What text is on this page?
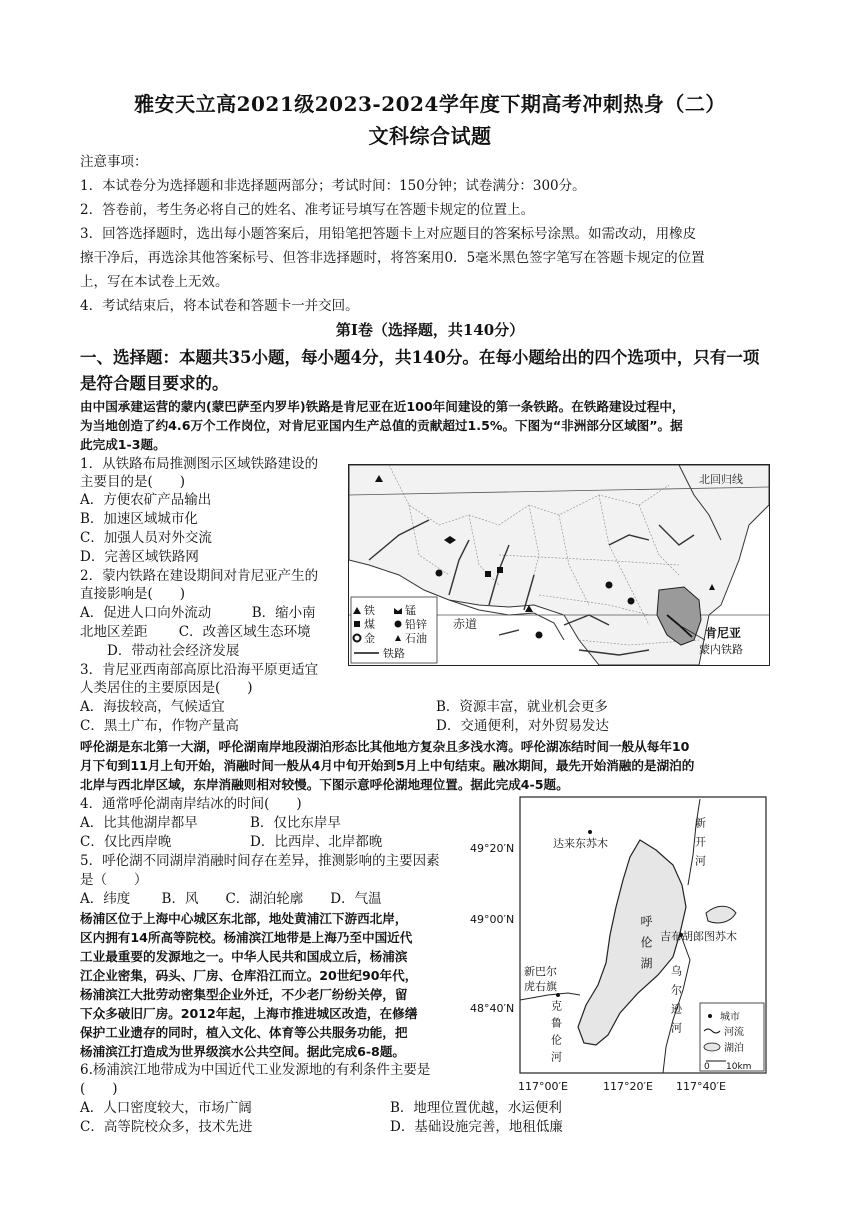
雅安天立高2021级2023-2024学年度下期高考冲刺热身（二）
文科综合试题
注意事项：
1．本试卷分为选择题和非选择题两部分；考试时间：150分钟；试卷满分：300分。
2．答卷前，考生务必将自己的姓名、准考证号填写在答题卡规定的位置上。
3．回答选择题时，选出每小题答案后，用铅笔把答题卡上对应题目的答案标号涂黑。如需改动，用橡皮
擦干净后，再选涂其他答案标号、但答非选择题时，将答案用0．5毫米黑色签字笔写在答题卡规定的位置
上，写在本试卷上无效。
4．考试结束后，将本试卷和答题卡一并交回。
第Ⅰ卷（选择题，共140分）
一、选择题：本题共35小题，每小题4分，共140分。在每小题给出的四个选项中，只有一项
是符合题目要求的。
由中国承建运营的蒙内(蒙巴萨至内罗毕)铁路是肯尼亚在近100年间建设的第一条铁路。在铁路建设过程中，
为当地创造了约4.6万个工作岗位，对肯尼亚国内生产总值的贡献超过1.5%。下图为“非洲部分区域图”。据
此完成1-3题。
1．从铁路布局推测图示区域铁路建设的
主要目的是(　　)
A．方便农矿产品输出
B．加速区域城市化
C．加强人员对外交流
D．完善区域铁路网
2．蒙内铁路在建设期间对肯尼亚产生的
直接影响是(　　)
A．促进人口向外流动　　　B．缩小南
北地区差距　　 C．改善区域生态环境
　　D．带动社会经济发展
3．肯尼亚西南部高原比沿海平原更适宜
人类居住的主要原因是(　　)
A．海拔较高，气候适宜	B．资源丰富，就业机会更多
C．黑土广布，作物产量高	D．交通便利，对外贸易发达
北回归线
赤道
肯尼亚
蒙内铁路
铁	锰
煤	铅锌
金	石油
铁路
呼伦湖是东北第一大湖，呼伦湖南岸地段湖泊形态比其他地方复杂且多浅水湾。呼伦湖冻结时间一般从每年10
月下旬到11月上旬开始，消融时间一般从4月中旬开始到5月上中旬结束。融冰期间，最先开始消融的是湖泊的
北岸与西北岸区域，东岸消融则相对较慢。下图示意呼伦湖地理位置。据此完成4-5题。
4．通常呼伦湖南岸结冰的时间(　　)
A．比其他湖岸都早	B．仅比东岸早
C．仅比西岸晚	D．比西岸、北岸都晚
5．呼伦湖不同湖岸消融时间存在差异，推测影响的主要因素
是（　　）
A．纬度　　 B．风　　C．湖泊轮廓　　D．气温
杨浦区位于上海中心城区东北部，地处黄浦江下游西北岸，
区内拥有14所高等院校。杨浦滨江地带是上海乃至中国近代
工业最重要的发源地之一。中华人民共和国成立后，杨浦滨
江企业密集，码头、厂房、仓库沿江而立。20世纪90年代，
杨浦滨江大批劳动密集型企业外迁，不少老厂纷纷关停，留
下众多破旧厂房。2012年起，上海市推进城区改造，在修缮
保护工业遗存的同时，植入文化、体育等公共服务功能，把
杨浦滨江打造成为世界级滨水公共空间。据此完成6-8题。
6.杨浦滨江地带成为中国近代工业发源地的有利条件主要是
(　　)
A．人口密度较大，市场广阔	B．地理位置优越，水运便利
C．高等院校众多，技术先进	D．基础设施完善，地租低廉
49°20′N
49°00′N
48°40′N
117°00′E	117°20′E 117°40′E
达来东苏木
吉布胡郎图苏木
新巴尔
虎右旗
新开河
呼伦湖
乌尔逊河
克鲁伦河	城市
河流
湖泊
0 10km
